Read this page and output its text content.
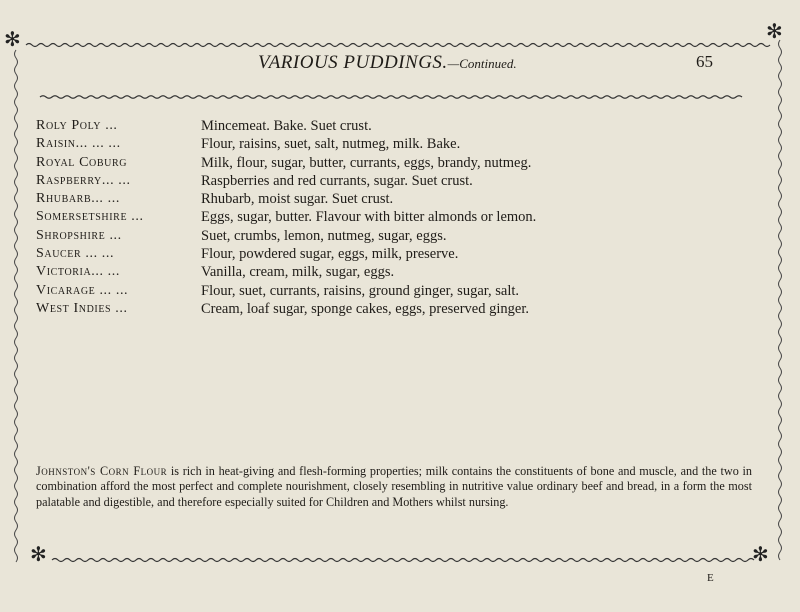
✻	✻
VARIOUS PUDDINGS.—Continued.	65
Roly Poly ...	Mincemeat. Bake. Suet crust.
Raisin... ... ...	Flour, raisins, suet, salt, nutmeg, milk. Bake.
Royal Coburg	Milk, flour, sugar, butter, currants, eggs, brandy, nutmeg.
Raspberry... ...	Raspberries and red currants, sugar. Suet crust.
Rhubarb... ...	Rhubarb, moist sugar. Suet crust.
Somersetshire ...	Eggs, sugar, butter. Flavour with bitter almonds or lemon.
Shropshire ...	Suet, crumbs, lemon, nutmeg, sugar, eggs.
Saucer ... ...	Flour, powdered sugar, eggs, milk, preserve.
Victoria... ...	Vanilla, cream, milk, sugar, eggs.
Vicarage ... ...	Flour, suet, currants, raisins, ground ginger, sugar, salt.
West Indies ...	Cream, loaf sugar, sponge cakes, eggs, preserved ginger.
Johnston's Corn Flour is rich in heat-giving and flesh-forming properties; milk contains the constituents of bone and muscle, and the two in combination afford the most perfect and complete nourishment, closely resembling in nutritive value ordinary beef and bread, in a form the most palatable and digestible, and therefore especially suited for Children and Mothers whilst nursing.
✻	✻
E
